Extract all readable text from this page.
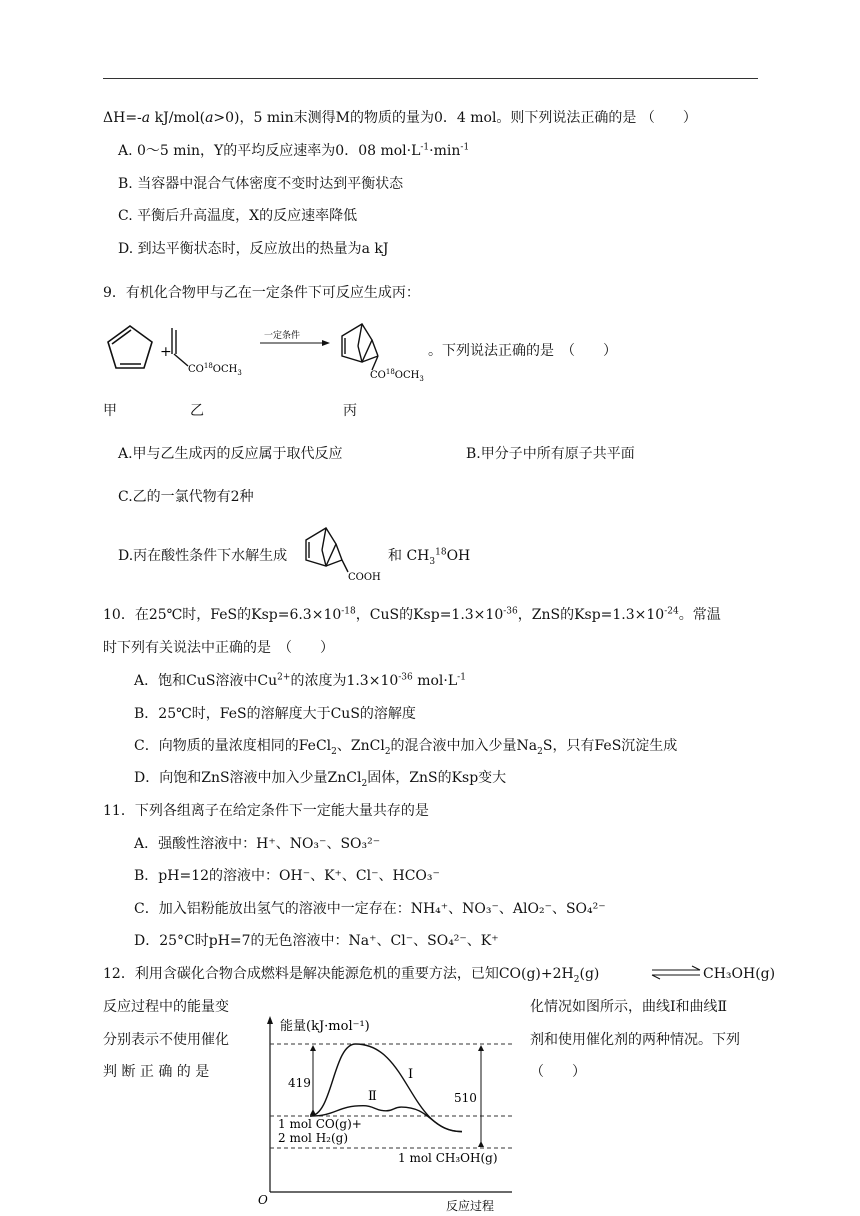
ΔH=-a kJ/mol(a>0)，5 min末测得M的物质的量为0．4 mol。则下列说法正确的是 （　　）
A. 0～5 min，Y的平均反应速率为0．08 $mol\cdot L^{-1}\cdot\min^{-1}$
B. 当容器中混合气体密度不变时达到平衡状态
C. 平衡后升高温度，X的反应速率降低
D. 到达平衡状态时，反应放出的热量为a kJ
9．有机化合物甲与乙在一定条件下可反应生成丙：
+
$CO^{18}OCH_3$
一定条件
$CO^{18}OCH_3$
。下列说法正确的是　（　　）
甲	乙	丙
A.甲与乙生成丙的反应属于取代反应	B.甲分子中所有原子共平面
C.乙的一氯代物有2种
D.丙在酸性条件下水解生成
COOH
和 $CH_3^{18}OH$
10．在25℃时，FeS的$Ksp=6.3\times 10^{-18}$，CuS的$Ksp=1.3\times 10^{-36}$，ZnS的$Ksp=1.3\times 10^{-24}$。常温
时下列有关说法中正确的是　（　　）
A．饱和CuS溶液中$Cu^{2+}$的浓度为$1.3\times 10^{-36}$ $mol\cdot L^{-1}$
B．25℃时，FeS的溶解度大于CuS的溶解度
C．向物质的量浓度相同的FeCl$_2$、ZnCl$_2$的混合液中加入少量$Na_2S$，只有FeS沉淀生成
D．向饱和ZnS溶液中加入少量ZnCl$_2$固体，ZnS的Ksp变大
11．下列各组离子在给定条件下一定能大量共存的是
A．强酸性溶液中：H⁺、NO₃⁻、SO₃²⁻
B．pH=12的溶液中：OH⁻、K⁺、Cl⁻、HCO₃⁻
C．加入铝粉能放出氢气的溶液中一定存在：NH₄⁺、NO₃⁻、AlO₂⁻、SO₄²⁻
D．25°C时pH=7的无色溶液中：Na⁺、Cl⁻、SO₄²⁻、K⁺
12．利用含碳化合物合成燃料是解决能源危机的重要方法，已知$CO(g)+2H_2(g)$	⇌ CH₃OH(g)
反应过程中的能量变	化情况如图所示，曲线Ⅰ和曲线Ⅱ
分别表示不使用催化	剂和使用催化剂的两种情况。下列
判 断 正 确 的 是	（　　）
能量(kJ·mol⁻¹)
O	反应过程
419
510
Ⅰ
Ⅱ
1 mol CO(g)+
2 mol H₂(g)
1 mol CH₃OH(g)
